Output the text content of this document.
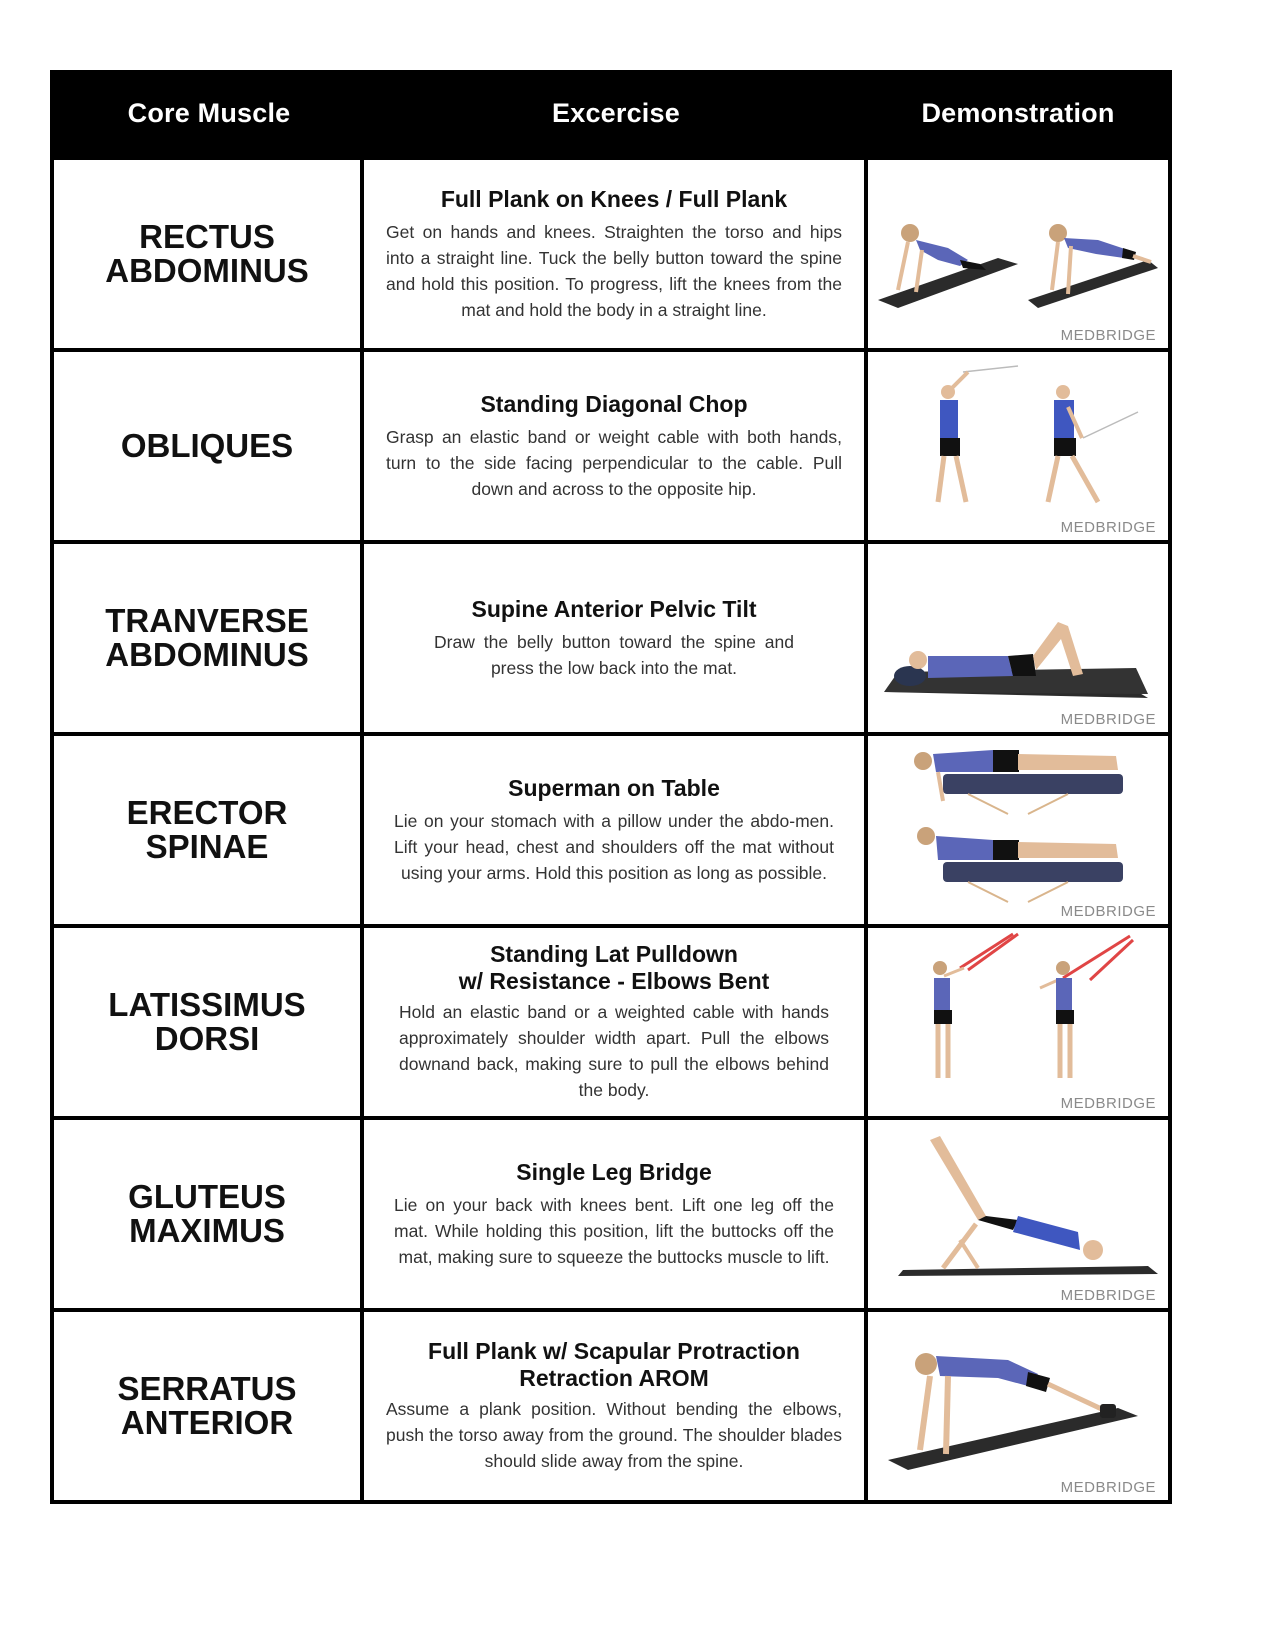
Core Muscle	Excercise	Demonstration
RECTUS
ABDOMINUS
Full Plank on Knees / Full Plank
Get on hands and knees. Straighten the torso and hips into a straight line. Tuck the belly button toward the spine and hold this position. To progress, lift the knees from the mat and hold the body in a straight line.
MEDBRIDGE
OBLIQUES
Standing Diagonal Chop
Grasp an elastic band or weight cable with both hands, turn to the side facing perpendicular to the cable. Pull down and across to the opposite hip.
MEDBRIDGE
TRANVERSE
ABDOMINUS
Supine Anterior Pelvic Tilt
Draw the belly button toward the spine and press the low back into the mat.
MEDBRIDGE
ERECTOR
SPINAE
Superman on Table
Lie on your stomach with a pillow under the abdo-men. Lift your head, chest and shoulders off the mat without using your arms. Hold this position as long as possible.
MEDBRIDGE
LATISSIMUS
DORSI
Standing Lat Pulldown
w/ Resistance - Elbows Bent
Hold an elastic band or a weighted cable with hands approximately shoulder width apart. Pull the elbows downand back, making sure to pull the elbows behind the body.
MEDBRIDGE
GLUTEUS
MAXIMUS
Single Leg Bridge
Lie on your back with knees bent. Lift one leg off the mat. While holding this position, lift the buttocks off the mat, making sure to squeeze the buttocks muscle to lift.
MEDBRIDGE
SERRATUS
ANTERIOR
Full Plank w/ Scapular Protraction
Retraction AROM
Assume a plank position. Without bending the elbows, push the torso away from the ground. The shoulder blades should slide away from the spine.
MEDBRIDGE
